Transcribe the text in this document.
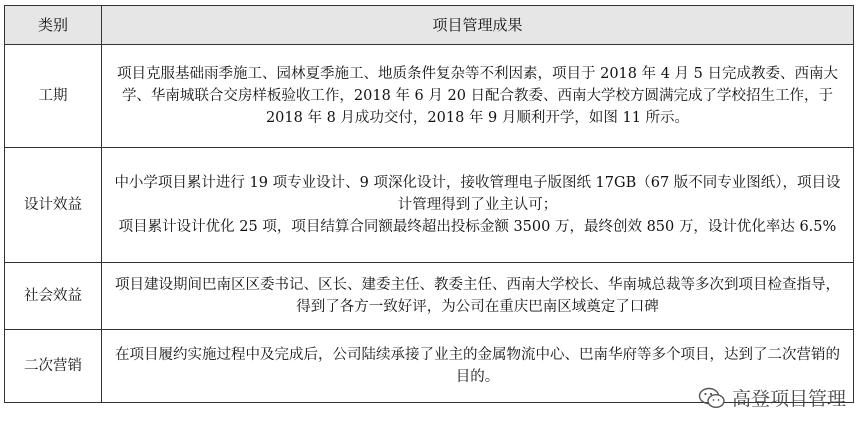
类别	项目管理成果
工期	项目克服基础雨季施工、园林夏季施工、地质条件复杂等不利因素，项目于 2018 年 4 月 5 日完成教委、西南大学、华南城联合交房样板验收工作，2018 年 6 月 20 日配合教委、西南大学校方圆满完成了学校招生工作，于 2018 年 8 月成功交付，2018 年 9 月顺利开学，如图 11 所示。

设计效益	中小学项目累计进行 19 项专业设计、9 项深化设计，接收管理电子版图纸 17GB（67 版不同专业图纸），项目设计管理得到了业主认可；
项目累计设计优化 25 项，项目结算合同额最终超出投标金额 3500 万，最终创效 850 万，设计优化率达 6.5%

社会效益	项目建设期间巴南区区委书记、区长、建委主任、教委主任、西南大学校长、华南城总裁等多次到项目检查指导，得到了各方一致好评，为公司在重庆巴南区域奠定了口碑

二次营销	在项目履约实施过程中及完成后，公司陆续承接了业主的金属物流中心、巴南华府等多个项目，达到了二次营销的目的。
高登项目管理
